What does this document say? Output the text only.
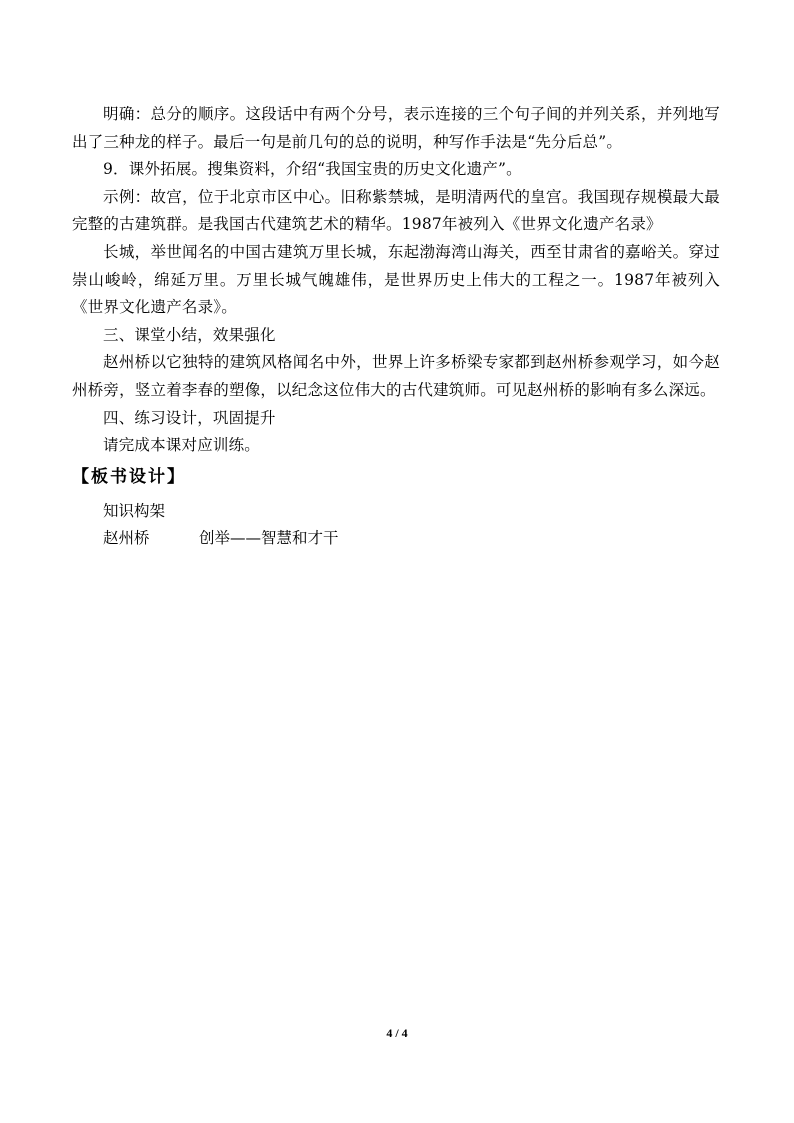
明确：总分的顺序。这段话中有两个分号，表示连接的三个句子间的并列关系，并列地写出了三种龙的样子。最后一句是前几句的总的说明，种写作手法是“先分后总”。

9．课外拓展。搜集资料，介绍“我国宝贵的历史文化遗产”。

示例：故宫，位于北京市区中心。旧称紫禁城，是明清两代的皇宫。我国现存规模最大最完整的古建筑群。是我国古代建筑艺术的精华。1987年被列入《世界文化遗产名录》

长城，举世闻名的中国古建筑万里长城，东起渤海湾山海关，西至甘肃省的嘉峪关。穿过崇山峻岭，绵延万里。万里长城气魄雄伟，是世界历史上伟大的工程之一。1987年被列入《世界文化遗产名录》。

三、课堂小结，效果强化

赵州桥以它独特的建筑风格闻名中外，世界上许多桥梁专家都到赵州桥参观学习，如今赵州桥旁，竖立着李春的塑像，以纪念这位伟大的古代建筑师。可见赵州桥的影响有多么深远。

四、练习设计，巩固提升

请完成本课对应训练。

【板书设计】

知识构架

赵州桥	创举——智慧和才干
4 / 4
